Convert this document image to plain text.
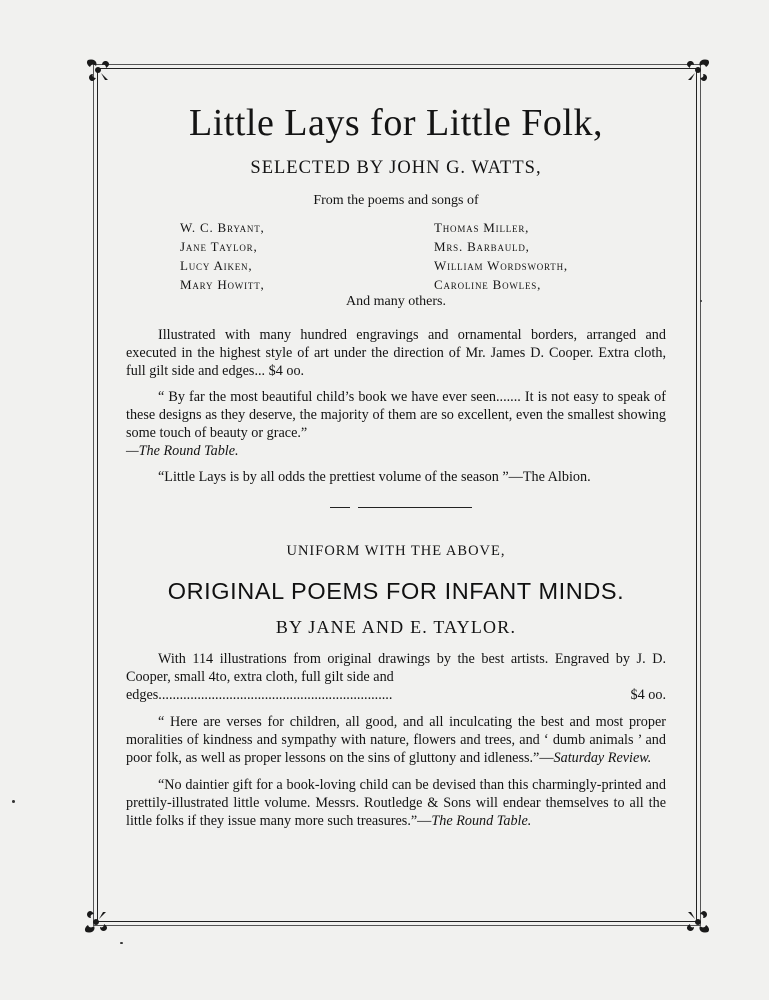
Little Lays for Little Folk,
SELECTED BY JOHN G. WATTS,
From the poems and songs of
W. C. Bryant,	Thomas Miller,
Jane Taylor,	Mrs. Barbauld,
Lucy Aiken,	William Wordsworth,
Mary Howitt,	Caroline Bowles,
And many others.

Illustrated with many hundred engravings and ornamental borders, arranged and executed in the highest style of art under the direction of Mr. James D. Cooper. Extra cloth, full gilt side and edges... $4 oo.

“ By far the most beautiful child’s book we have ever seen....... It is not easy to speak of these designs as they deserve, the majority of them are so excellent, even the smallest showing some touch of beauty or grace.”
—The Round Table.

“Little Lays is by all odds the prettiest volume of the season ”—The Albion.

UNIFORM WITH THE ABOVE,
ORIGINAL POEMS FOR INFANT MINDS.
BY JANE AND E. TAYLOR.

With 114 illustrations from original drawings by the best artists. Engraved by J. D. Cooper, small 4to, extra cloth, full gilt side and

edges..................................................................	$4 oo.

“ Here are verses for children, all good, and all inculcating the best and most proper moralities of kindness and sympathy with nature, flowers and trees, and ‘ dumb animals ’ and poor folk, as well as proper lessons on the sins of gluttony and idleness.”—Saturday Review.

“No daintier gift for a book-loving child can be devised than this charmingly-printed and prettily-illustrated little volume. Messrs. Routledge & Sons will endear themselves to all the little folks if they issue many more such treasures.”—The Round Table.
